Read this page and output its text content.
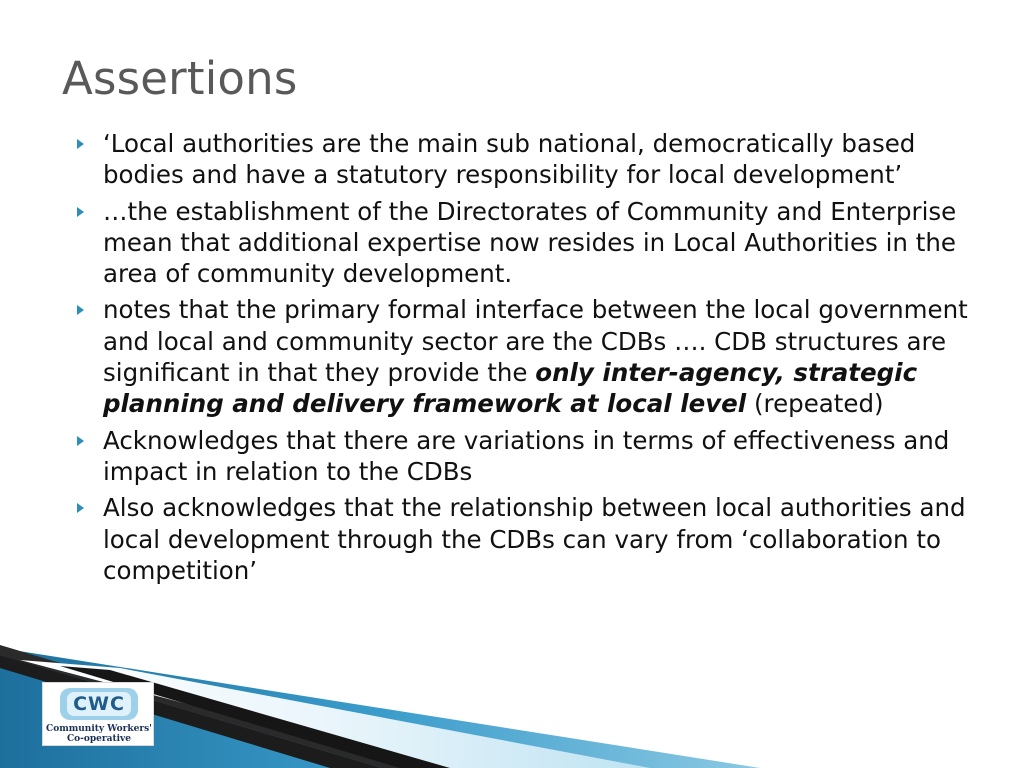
Assertions
‘Local authorities are the main sub national, democratically based bodies and have a statutory responsibility for local development’
…the establishment of the Directorates of Community and Enterprise mean that additional expertise now resides in Local Authorities in the area of community development.
notes that the primary formal interface between the local government and local and community sector are the CDBs …. CDB structures are significant in that they provide the only inter-agency, strategic planning and delivery framework at local level (repeated)
Acknowledges that there are variations in terms of effectiveness and impact in relation to the CDBs
Also acknowledges that the relationship between local authorities and local development through the CDBs can vary from ‘collaboration to competition’
CWC
Community Workers'
Co-operative
